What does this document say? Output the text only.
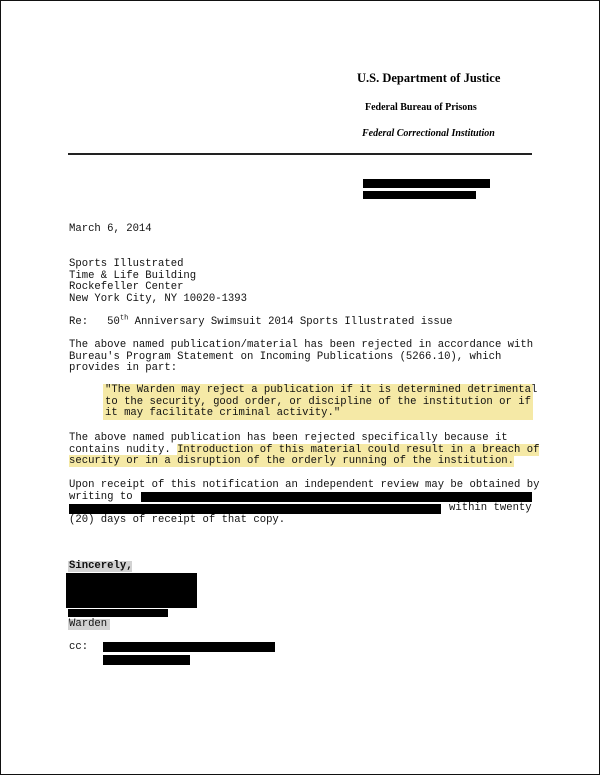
U.S. Department of Justice
Federal Bureau of Prisons
Federal Correctional Institution
March 6, 2014
Sports Illustrated
Time & Life Building
Rockefeller Center
New York City, NY 10020-1393
Re: 50th Anniversary Swimsuit 2014 Sports Illustrated issue
The above named publication/material has been rejected in accordance with
Bureau's Program Statement on Incoming Publications (5266.10), which
provides in part:
"The Warden may reject a publication if it is determined detrimental
to the security, good order, or discipline of the institution or if
it may facilitate criminal activity."
The above named publication has been rejected specifically because it
contains nudity. Introduction of this material could result in a breach of
security or in a disruption of the orderly running of the institution.
Upon receipt of this notification an independent review may be obtained by
writing to
within twenty
(20) days of receipt of that copy.
Sincerely,
Warden
cc:
